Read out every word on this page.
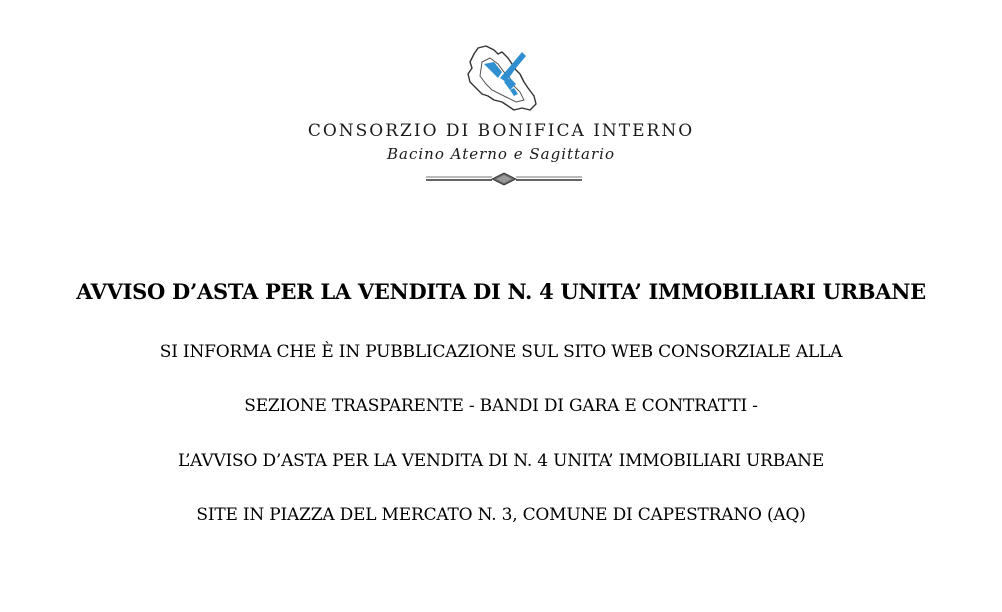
CONSORZIO DI BONIFICA INTERNO
Bacino Aterno e Sagittario
AVVISO D’ASTA PER LA VENDITA DI N. 4 UNITA’ IMMOBILIARI URBANE
SI INFORMA CHE È IN PUBBLICAZIONE SUL SITO WEB CONSORZIALE ALLA
SEZIONE TRASPARENTE - BANDI DI GARA E CONTRATTI -
L’AVVISO D’ASTA PER LA VENDITA DI N. 4 UNITA’ IMMOBILIARI URBANE
SITE IN PIAZZA DEL MERCATO N. 3, COMUNE DI CAPESTRANO (AQ)
